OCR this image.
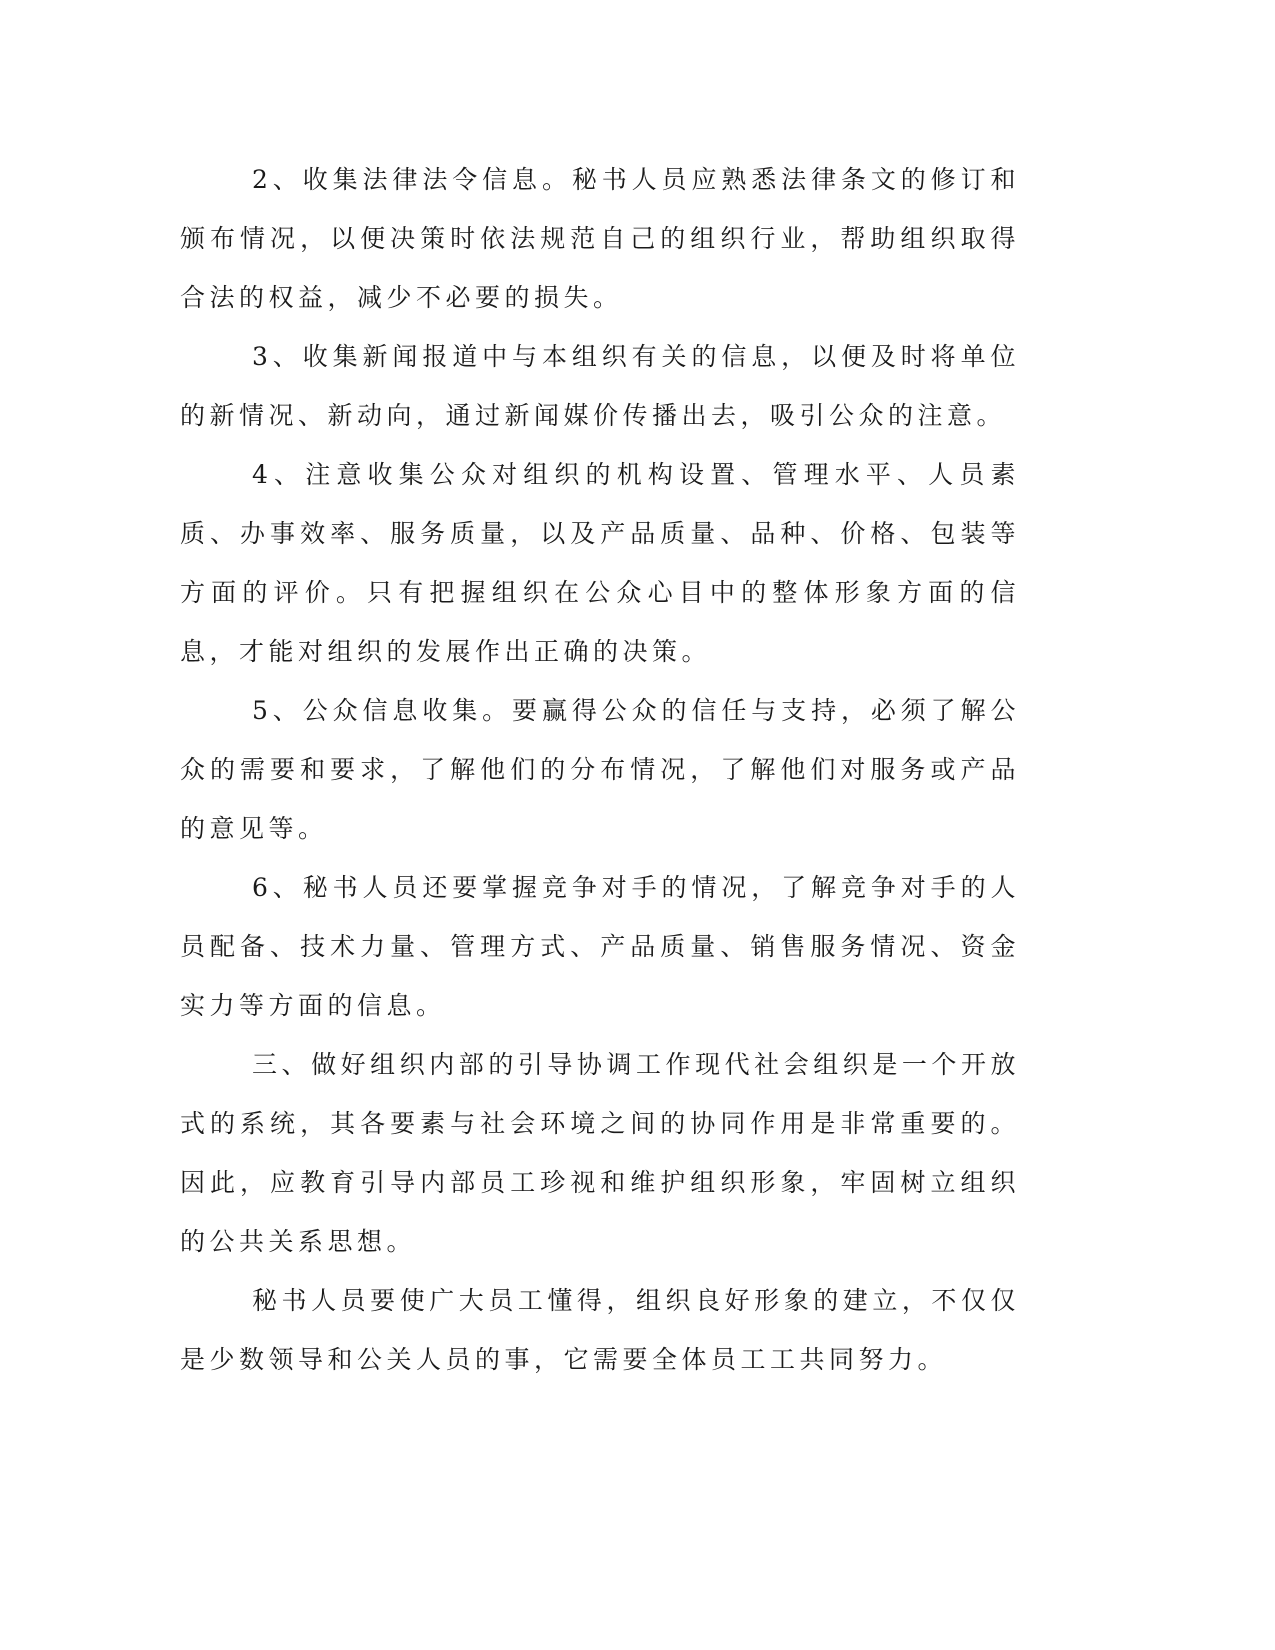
2、收集法律法令信息。秘书人员应熟悉法律条文的修订和颁布情况，以便决策时依法规范自己的组织行业，帮助组织取得合法的权益，减少不必要的损失。

3、收集新闻报道中与本组织有关的信息，以便及时将单位的新情况、新动向，通过新闻媒价传播出去，吸引公众的注意。

4、注意收集公众对组织的机构设置、管理水平、人员素质、办事效率、服务质量，以及产品质量、品种、价格、包装等方面的评价。只有把握组织在公众心目中的整体形象方面的信息，才能对组织的发展作出正确的决策。

5、公众信息收集。要赢得公众的信任与支持，必须了解公众的需要和要求，了解他们的分布情况，了解他们对服务或产品的意见等。

6、秘书人员还要掌握竞争对手的情况，了解竞争对手的人员配备、技术力量、管理方式、产品质量、销售服务情况、资金实力等方面的信息。

三、做好组织内部的引导协调工作现代社会组织是一个开放式的系统，其各要素与社会环境之间的协同作用是非常重要的。因此，应教育引导内部员工珍视和维护组织形象，牢固树立组织的公共关系思想。

秘书人员要使广大员工懂得，组织良好形象的建立，不仅仅是少数领导和公关人员的事，它需要全体员工工共同努力。
